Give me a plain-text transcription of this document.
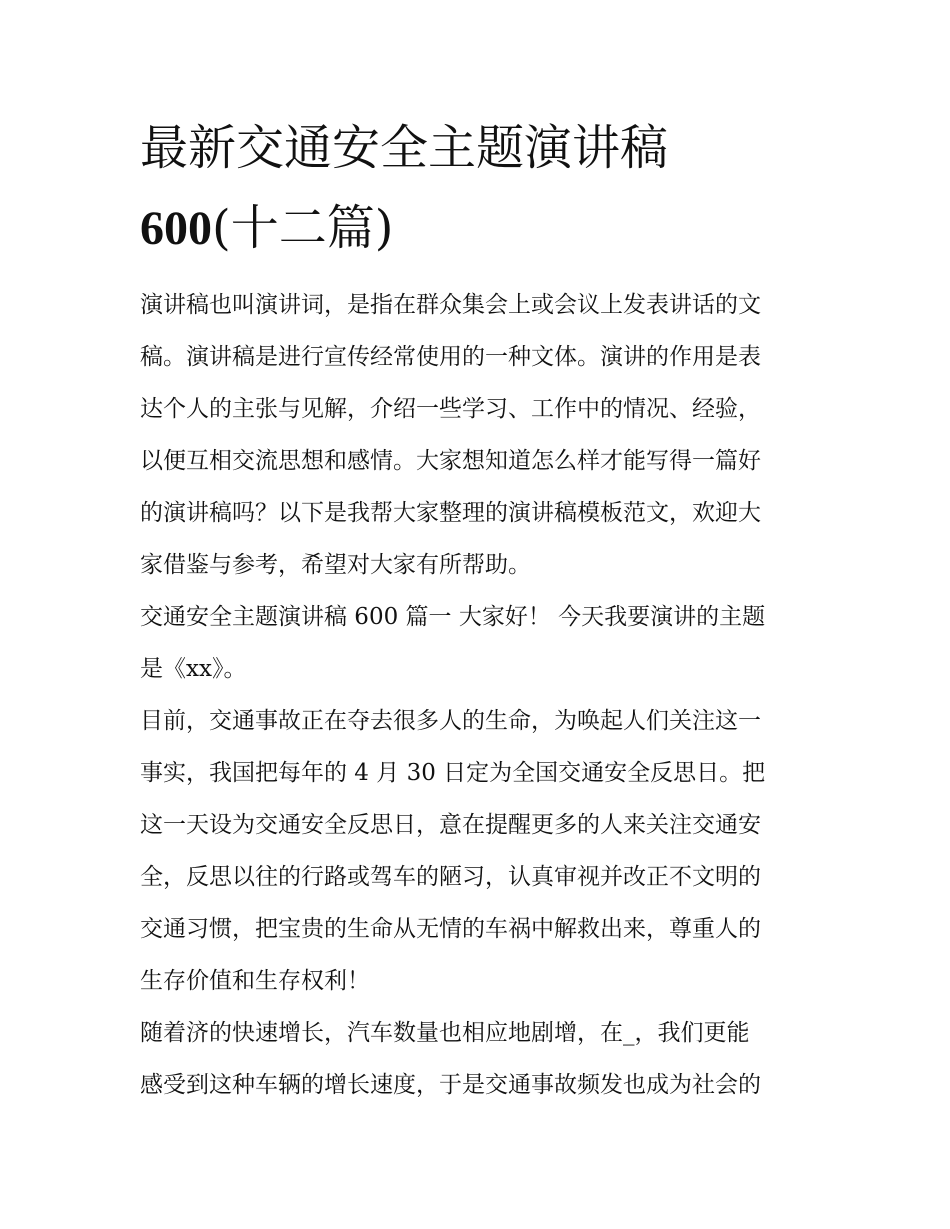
最新交通安全主题演讲稿
600(十二篇)

演讲稿也叫演讲词，是指在群众集会上或会议上发表讲话的文
稿。演讲稿是进行宣传经常使用的一种文体。演讲的作用是表
达个人的主张与见解，介绍一些学习、工作中的情况、经验，
以便互相交流思想和感情。大家想知道怎么样才能写得一篇好
的演讲稿吗？以下是我帮大家整理的演讲稿模板范文，欢迎大
家借鉴与参考，希望对大家有所帮助。

交通安全主题演讲稿 600 篇一 大家好！ 今天我要演讲的主题
是《xx》。

目前，交通事故正在夺去很多人的生命，为唤起人们关注这一
事实，我国把每年的 4 月 30 日定为全国交通安全反思日。把
这一天设为交通安全反思日，意在提醒更多的人来关注交通安
全，反思以往的行路或驾车的陋习，认真审视并改正不文明的
交通习惯，把宝贵的生命从无情的车祸中解救出来，尊重人的
生存价值和生存权利！

随着济的快速增长，汽车数量也相应地剧增，在_，我们更能
感受到这种车辆的增长速度，于是交通事故频发也成为社会的
